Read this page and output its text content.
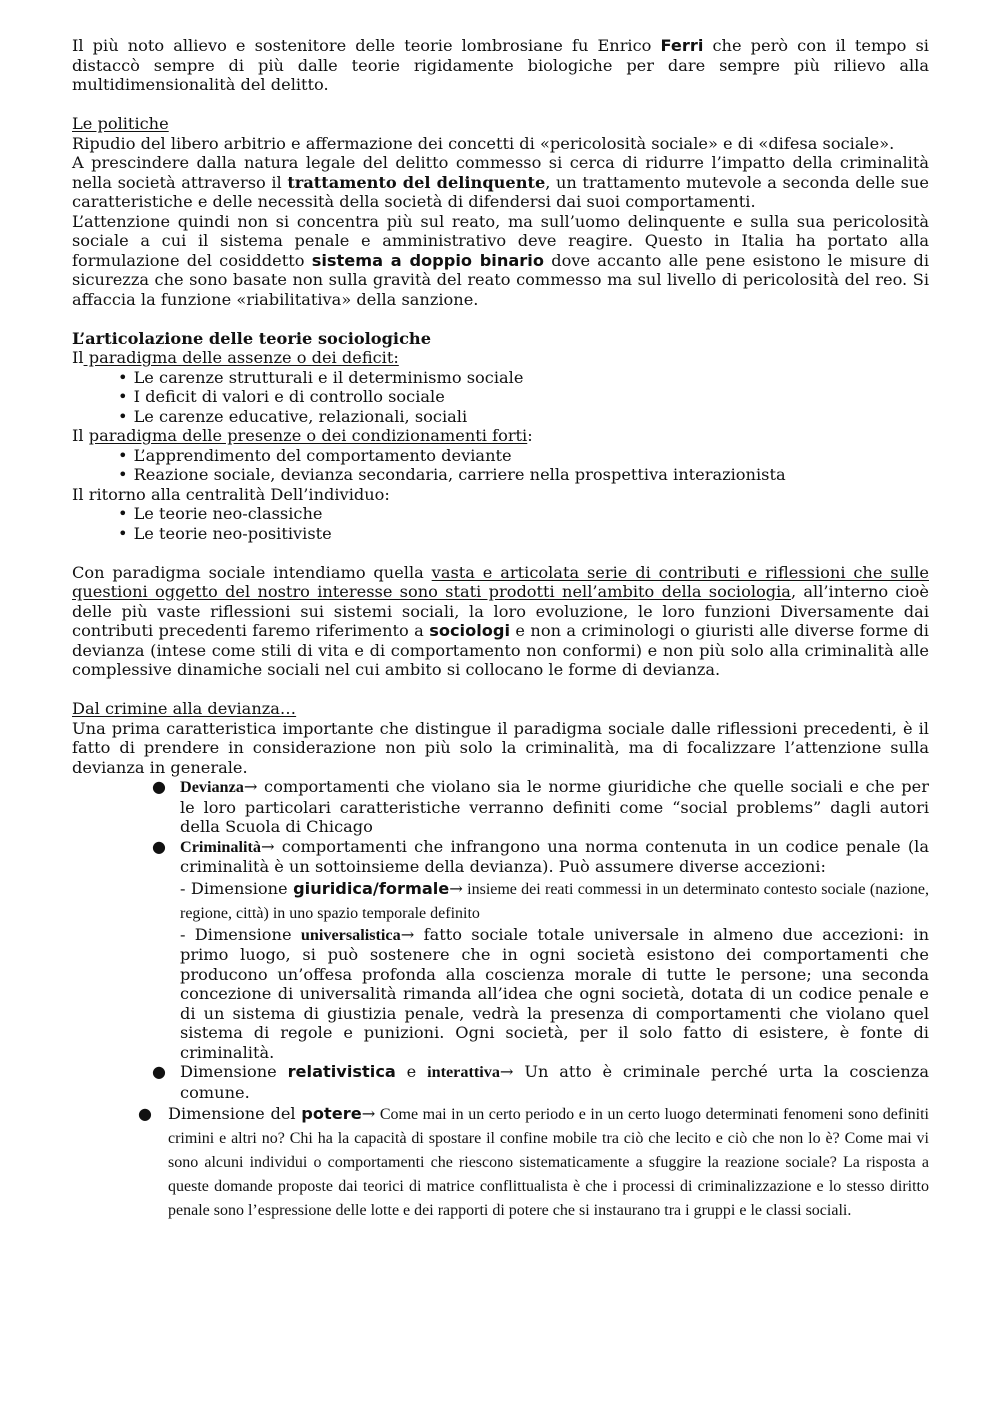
Il più noto allievo e sostenitore delle teorie lombrosiane fu Enrico Ferri che però con il tempo si distaccò sempre di più dalle teorie rigidamente biologiche per dare sempre più rilievo alla multidimensionalità del delitto.

Le politiche

Ripudio del libero arbitrio e affermazione dei concetti di «pericolosità sociale» e di «difesa sociale».

A prescindere dalla natura legale del delitto commesso si cerca di ridurre l’impatto della criminalità nella società attraverso il trattamento del delinquente, un trattamento mutevole a seconda delle sue caratteristiche e delle necessità della società di difendersi dai suoi comportamenti.

L’attenzione quindi non si concentra più sul reato, ma sull’uomo delinquente e sulla sua pericolosità sociale a cui il sistema penale e amministrativo deve reagire. Questo in Italia ha portato alla formulazione del cosiddetto sistema a doppio binario dove accanto alle pene esistono le misure di sicurezza che sono basate non sulla gravità del reato commesso ma sul livello di pericolosità del reo. Si affaccia la funzione «riabilitativa» della sanzione.

L’articolazione delle teorie sociologiche

Il paradigma delle assenze o dei deficit:

• Le carenze strutturali e il determinismo sociale
• I deficit di valori e di controllo sociale
• Le carenze educative, relazionali, sociali

Il paradigma delle presenze o dei condizionamenti forti:

• L’apprendimento del comportamento deviante
• Reazione sociale, devianza secondaria, carriere nella prospettiva interazionista

Il ritorno alla centralità Dell’individuo:

• Le teorie neo-classiche
• Le teorie neo-positiviste

Con paradigma sociale intendiamo quella vasta e articolata serie di contributi e riflessioni che sulle questioni oggetto del nostro interesse sono stati prodotti nell’ambito della sociologia, all’interno cioè delle più vaste riflessioni sui sistemi sociali, la loro evoluzione, le loro funzioni Diversamente dai contributi precedenti faremo riferimento a sociologi e non a criminologi o giuristi alle diverse forme di devianza (intese come stili di vita e di comportamento non conformi) e non più solo alla criminalità alle complessive dinamiche sociali nel cui ambito si collocano le forme di devianza.

Dal crimine alla devianza…

Una prima caratteristica importante che distingue il paradigma sociale dalle riflessioni precedenti, è il fatto di prendere in considerazione non più solo la criminalità, ma di focalizzare l’attenzione sulla devianza in generale.

● Devianza→ comportamenti che violano sia le norme giuridiche che quelle sociali e che per le loro particolari caratteristiche verranno definiti come “social problems” dagli autori della Scuola di Chicago
● Criminalità→ comportamenti che infrangono una norma contenuta in un codice penale (la criminalità è un sottoinsieme della devianza). Può assumere diverse accezioni:
- Dimensione giuridica/formale→ insieme dei reati commessi in un determinato contesto sociale (nazione, regione, città) in uno spazio temporale definito
- Dimensione universalistica→ fatto sociale totale universale in almeno due accezioni: in primo luogo, si può sostenere che in ogni società esistono dei comportamenti che producono un’offesa profonda alla coscienza morale di tutte le persone; una seconda concezione di universalità rimanda all’idea che ogni società, dotata di un codice penale e di un sistema di giustizia penale, vedrà la presenza di comportamenti che violano quel sistema di regole e punizioni. Ogni società, per il solo fatto di esistere, è fonte di criminalità.
● Dimensione relativistica e interattiva→ Un atto è criminale perché urta la coscienza comune.
● Dimensione del potere→ Come mai in un certo periodo e in un certo luogo determinati fenomeni sono definiti crimini e altri no? Chi ha la capacità di spostare il confine mobile tra ciò che lecito e ciò che non lo è? Come mai vi sono alcuni individui o comportamenti che riescono sistematicamente a sfuggire la reazione sociale? La risposta a queste domande proposte dai teorici di matrice conflittualista è che i processi di criminalizzazione e lo stesso diritto penale sono l’espressione delle lotte e dei rapporti di potere che si instaurano tra i gruppi e le classi sociali.
